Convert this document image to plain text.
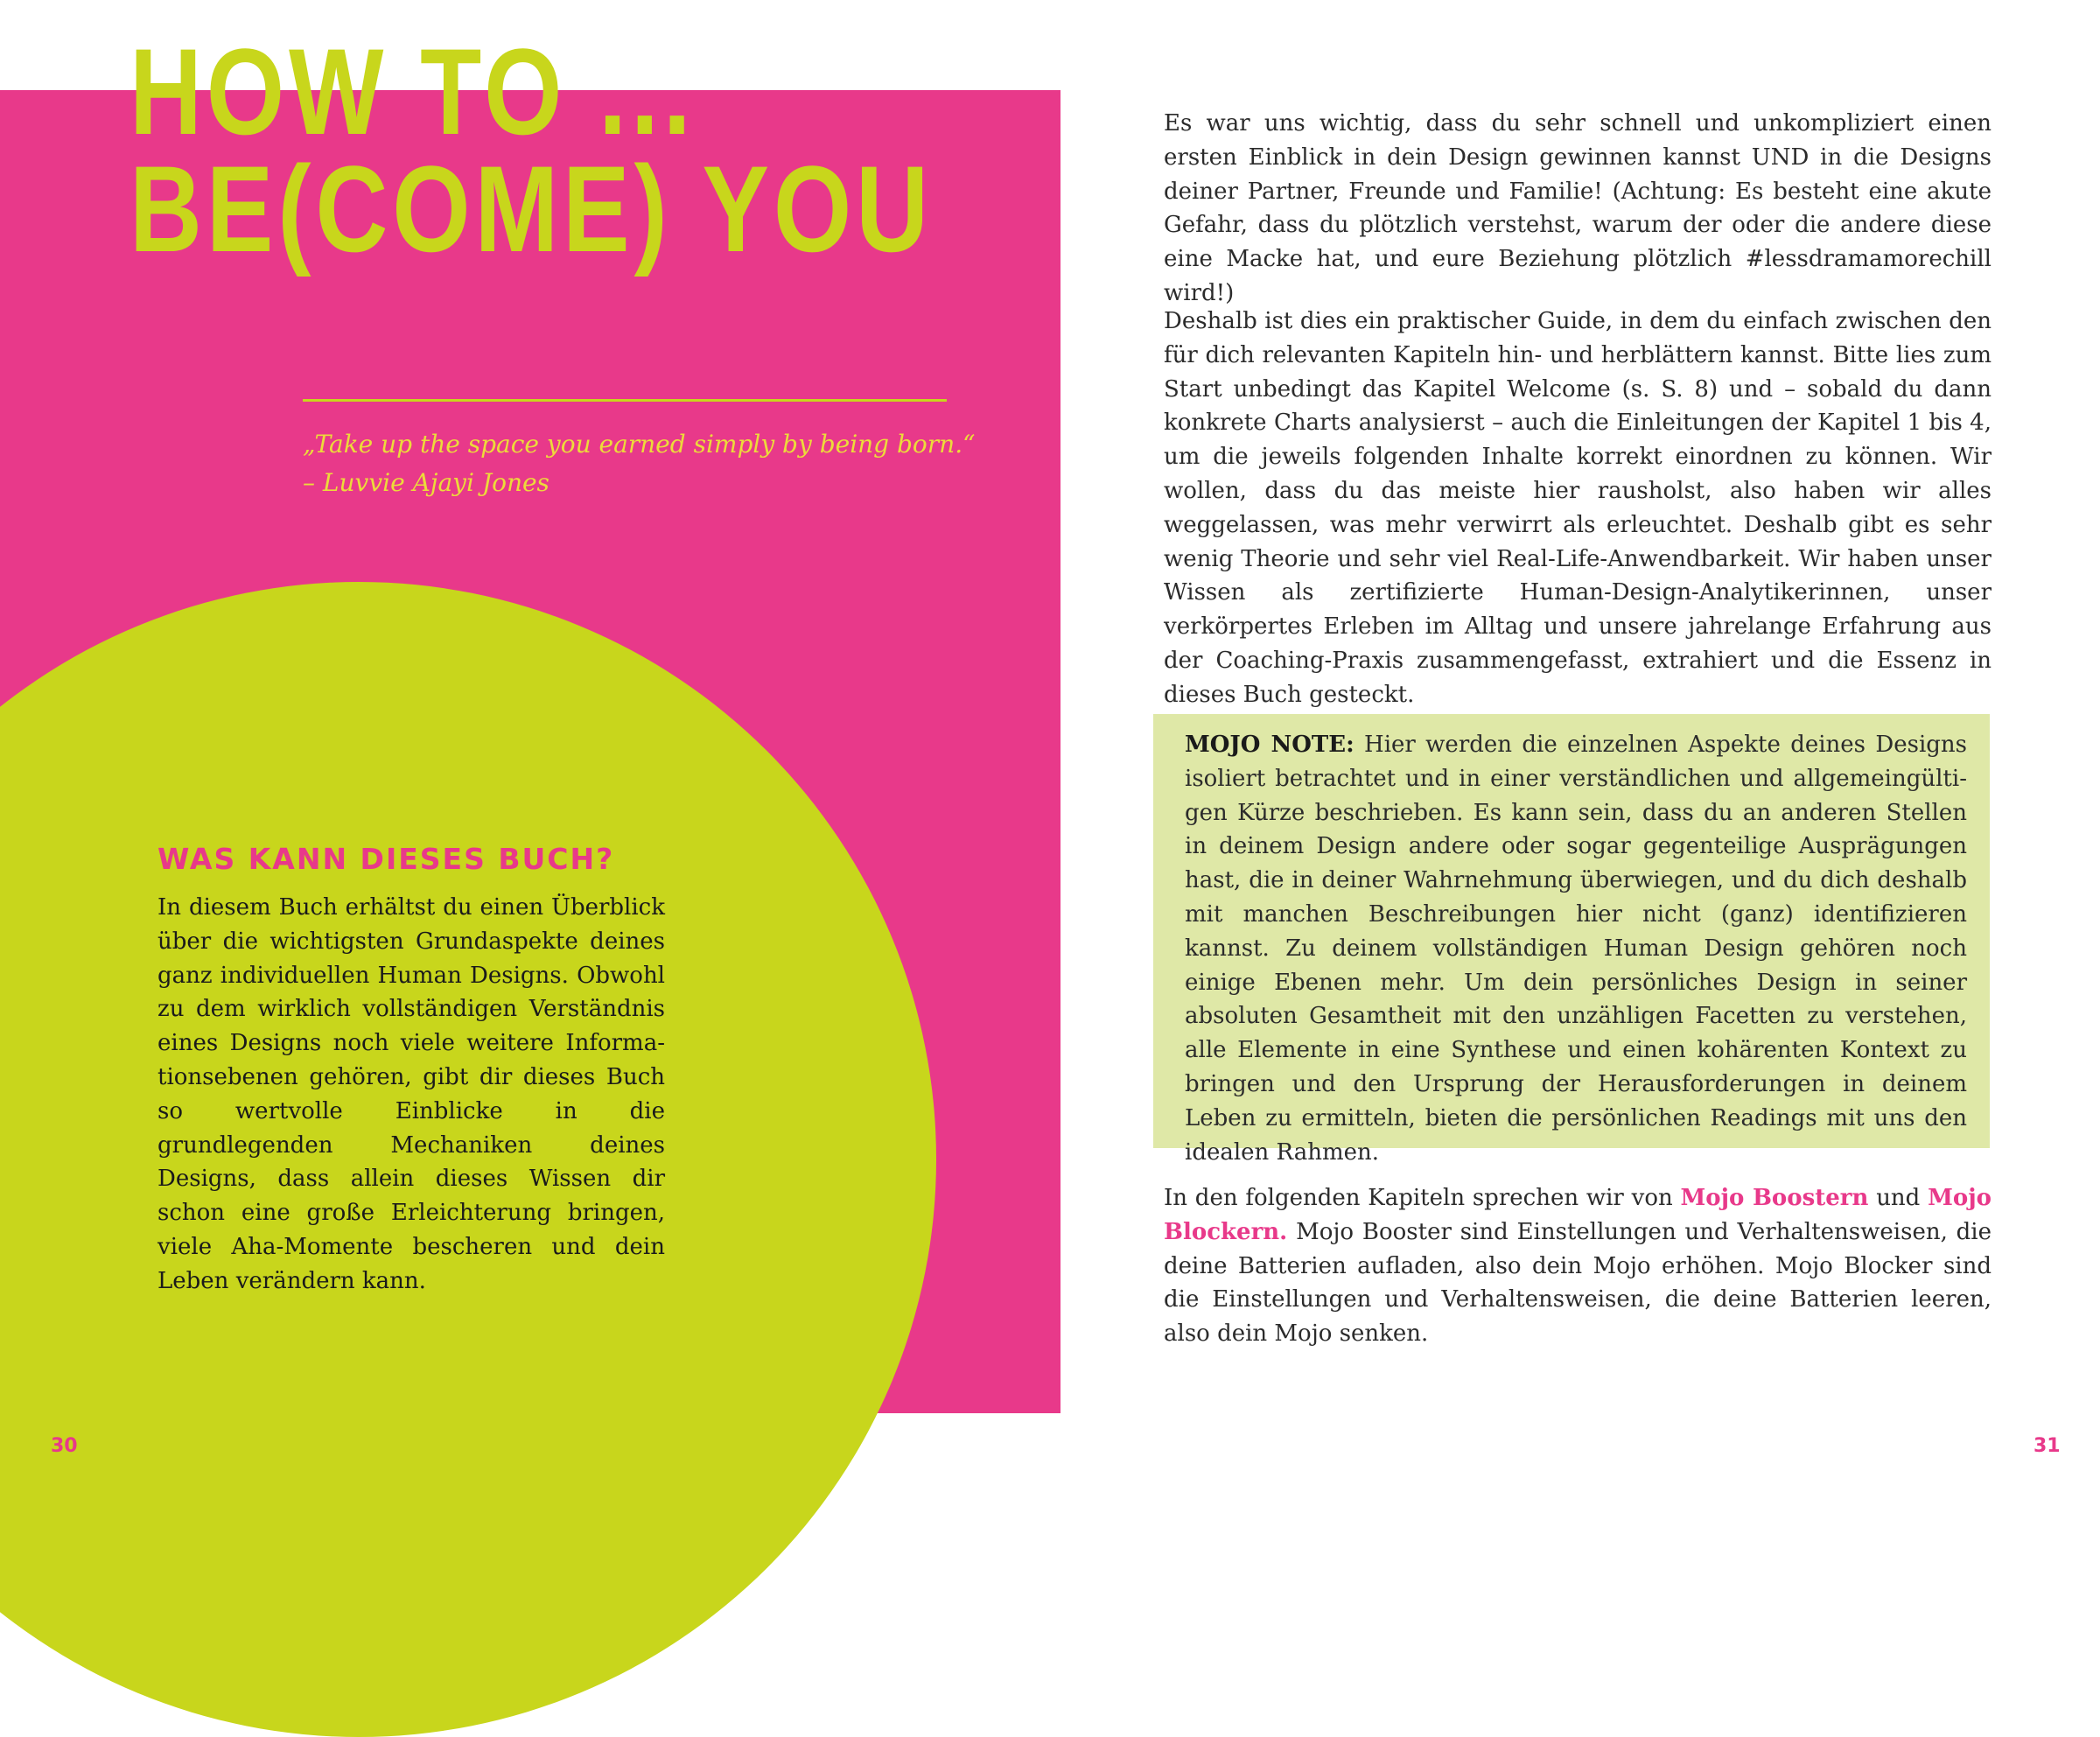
HOW TO ...
BE(COME) YOU
„Take up the space you earned simply by being born.“
– Luvvie Ajayi Jones
WAS KANN DIESES BUCH?
In diesem Buch erhältst du einen Überblick über die wichtigsten Grundaspekte deines ganz individuellen Human Designs. Obwohl zu dem wirklich vollständigen Verständnis eines Designs noch viele weitere Informationsebenen gehören, gibt dir dieses Buch so wertvolle Einblicke in die grundlegenden Mechaniken deines Designs, dass allein dieses Wissen dir schon eine große Erleichterung bringen, viele Aha-Momente bescheren und dein Leben verändern kann.
30
Es war uns wichtig, dass du sehr schnell und unkompliziert einen ersten Einblick in dein Design gewinnen kannst UND in die Designs deiner Partner, Freunde und Familie! (Achtung: Es besteht eine akute Gefahr, dass du plötzlich verstehst, warum der oder die andere diese eine Macke hat, und eure Beziehung plötzlich #lessdramamorechill wird!)
Deshalb ist dies ein praktischer Guide, in dem du einfach zwischen den für dich relevanten Kapiteln hin- und herblättern kannst. Bitte lies zum Start unbedingt das Kapitel Welcome (s. S. 8) und – sobald du dann konkrete Charts analysierst – auch die Einleitungen der Kapitel 1 bis 4, um die jeweils folgenden Inhalte korrekt einordnen zu können. Wir wollen, dass du das meiste hier rausholst, also haben wir alles weggelassen, was mehr verwirrt als erleuchtet. Deshalb gibt es sehr wenig Theorie und sehr viel Real-Life-Anwendbarkeit. Wir haben unser Wissen als zertifizierte Human-Design-Analytikerinnen, unser verkörpertes Erleben im Alltag und unsere jahrelange Erfahrung aus der Coaching-Praxis zusammengefasst, extrahiert und die Essenz in dieses Buch gesteckt.
MOJO NOTE: Hier werden die einzelnen Aspekte deines Designs isoliert betrachtet und in einer verständlichen und allgemeingültigen Kürze beschrieben. Es kann sein, dass du an anderen Stellen in deinem Design andere oder sogar gegenteilige Ausprägungen hast, die in deiner Wahrnehmung überwiegen, und du dich deshalb mit manchen Beschreibungen hier nicht (ganz) identifizieren kannst. Zu deinem vollständigen Human Design gehören noch einige Ebenen mehr. Um dein persönliches Design in seiner absoluten Gesamtheit mit den unzähligen Facetten zu verstehen, alle Elemente in eine Synthese und einen kohärenten Kontext zu bringen und den Ursprung der Herausforderungen in deinem Leben zu ermitteln, bieten die persönlichen Readings mit uns den idealen Rahmen.
In den folgenden Kapiteln sprechen wir von Mojo Boostern und Mojo Blockern. Mojo Booster sind Einstellungen und Verhaltensweisen, die deine Batterien aufladen, also dein Mojo erhöhen. Mojo Blocker sind die Einstellungen und Verhaltensweisen, die deine Batterien leeren, also dein Mojo senken.
31
